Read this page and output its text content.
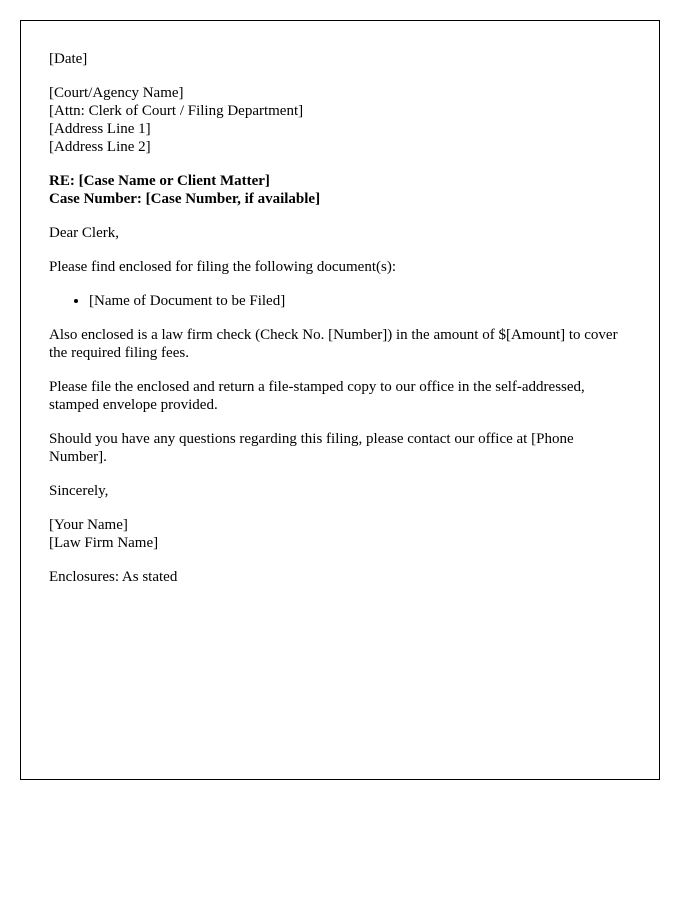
[Date]

[Court/Agency Name]
[Attn: Clerk of Court / Filing Department]
[Address Line 1]
[Address Line 2]
RE: [Case Name or Client Matter]
Case Number: [Case Number, if available]

Dear Clerk,

Please find enclosed for filing the following document(s):

• [Name of Document to be Filed]

Also enclosed is a law firm check (Check No. [Number]) in the amount of $[Amount] to cover the required filing fees.

Please file the enclosed and return a file-stamped copy to our office in the self-addressed, stamped envelope provided.

Should you have any questions regarding this filing, please contact our office at [Phone Number].

Sincerely,

[Your Name]
[Law Firm Name]

Enclosures: As stated
